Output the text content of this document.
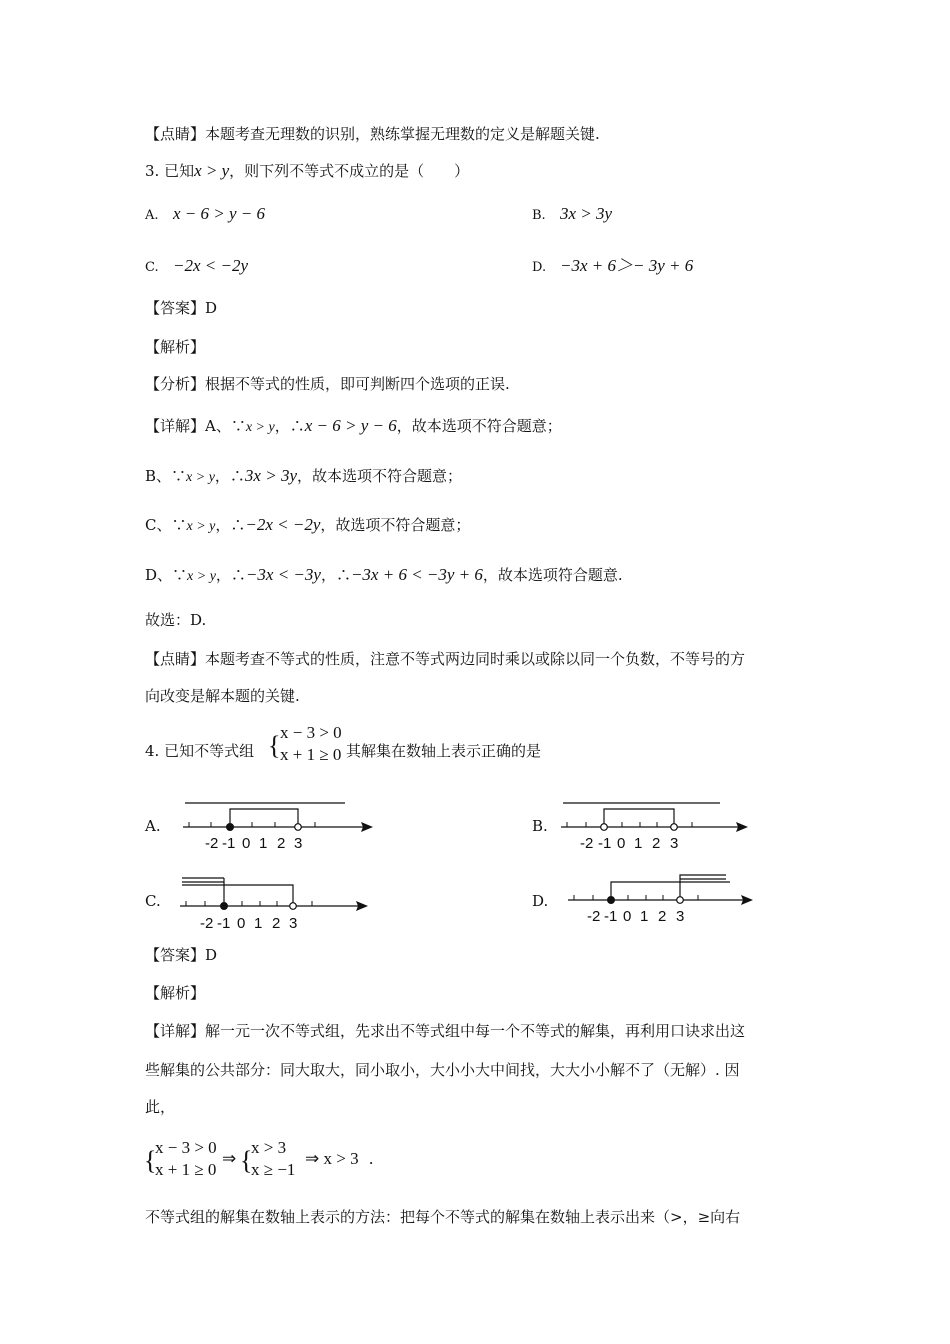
【点睛】本题考查无理数的识别，熟练掌握无理数的定义是解题关键.
3. 已知x > y，则下列不等式不成立的是（　　）
A. x − 6 > y − 6	B. 3x > 3y
C. −2x < −2y	D. −3x + 6＞− 3y + 6
【答案】D
【解析】
【分析】根据不等式的性质，即可判断四个选项的正误.
【详解】A、∵x > y，∴x − 6 > y − 6，故本选项不符合题意；
B、∵x > y，∴3x > 3y，故本选项不符合题意；
C、∵x > y，∴−2x < −2y，故选项不符合题意；
D、∵x > y，∴−3x < −3y，∴−3x + 6 < −3y + 6，故本选项符合题意.
故选：D.
【点睛】本题考查不等式的性质，注意不等式两边同时乘以或除以同一个负数，不等号的方
向改变是解本题的关键.
4. 已知不等式组 { x − 3 > 0
x + 1 ≥ 0 其解集在数轴上表示正确的是
A.	B.
C.	D.
-2 -1 0 1 2 3	-2 -1 0 1 2 3
-2 -1 0 1 2 3	-2 -1 0 1 2 3
【答案】D
【解析】
【详解】解一元一次不等式组，先求出不等式组中每一个不等式的解集，再利用口诀求出这
些解集的公共部分：同大取大，同小取小，大小小大中间找，大大小小解不了（无解）. 因
此，
{
x − 3 > 0
x + 1 ≥ 0
⇒ {
x > 3
x ≥ −1
⇒ x > 3 .
不等式组的解集在数轴上表示的方法：把每个不等式的解集在数轴上表示出来（>，≥向右
